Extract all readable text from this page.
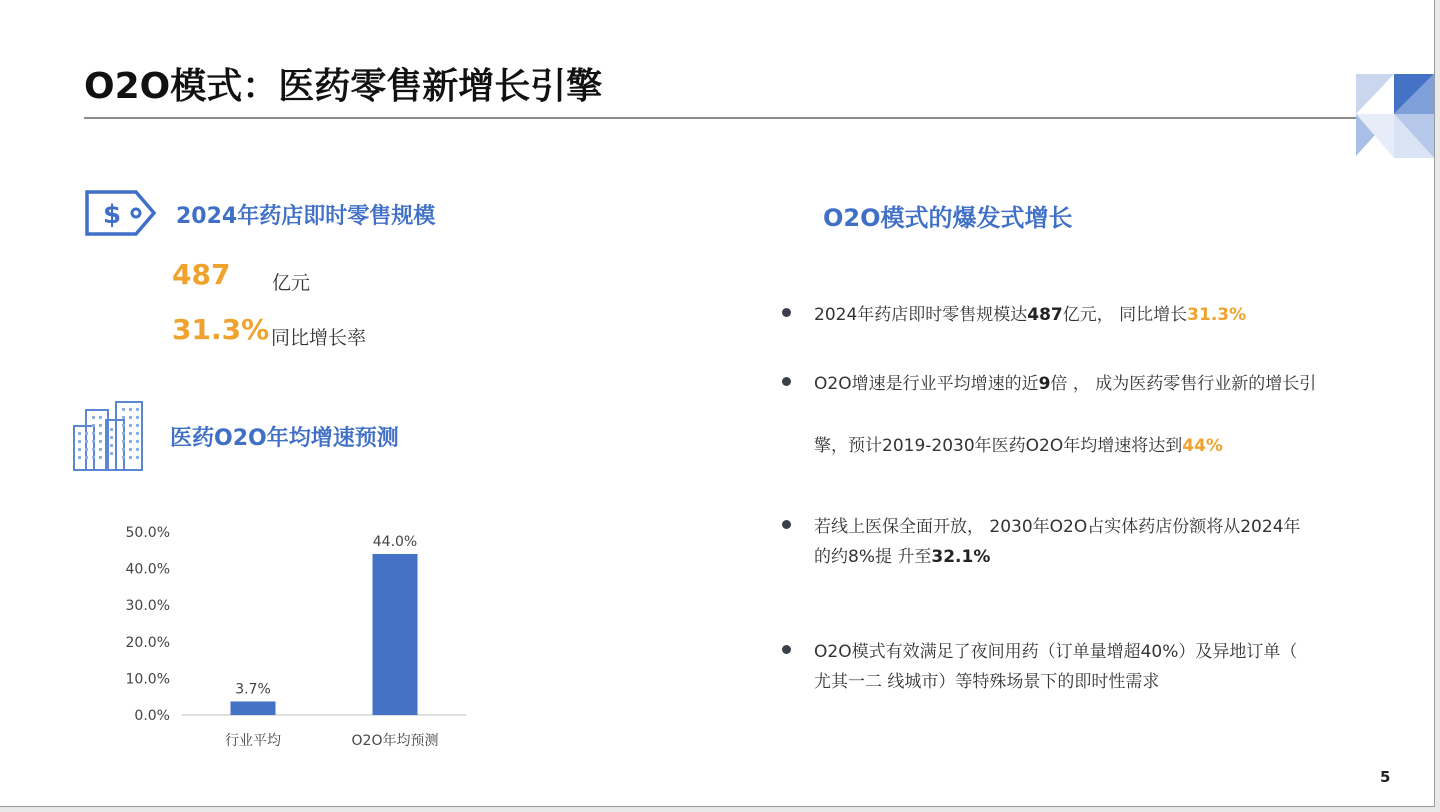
O2O模式：医药零售新增长引擎
$ 2024年药店即时零售规模
487 亿元
31.3% 同比增长率
医药O2O年均增速预测
0.0%
10.0%
20.0%
30.0%
40.0%
50.0%
3.7%
行业平均
44.0%
O2O年均预测
O2O模式的爆发式增长
2024年药店即时零售规模达487亿元， 同比增长31.3%
O2O增速是行业平均增速的近9倍 ， 成为医药零售行业新的增长引
擎，预计2019-2030年医药O2O年均增速将达到44%
若线上医保全面开放， 2030年O2O占实体药店份额将从2024年
的约8%提 升至32.1%
O2O模式有效满足了夜间用药（订单量增超40%）及异地订单（
尤其一二 线城市）等特殊场景下的即时性需求
5
